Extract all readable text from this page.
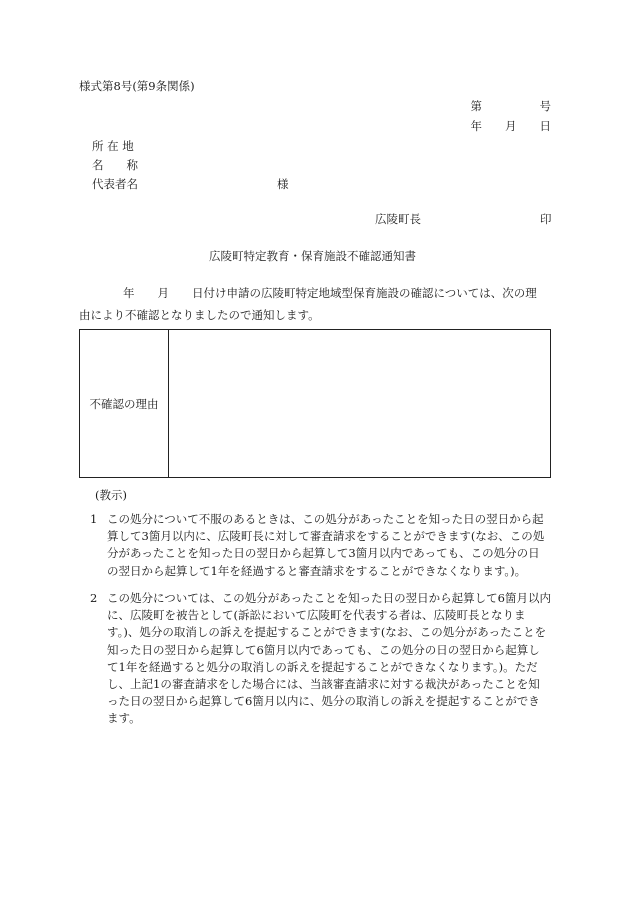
様式第8号(第9条関係)
第　　　　　号
年　　月　　日
所 在 地
名　　称
代表者名	様
広陵町長	印
広陵町特定教育・保育施設不確認通知書

年　　月　　日付け申請の広陵町特定地域型保育施設の確認については、次の理

由により不確認となりましたので通知します。

不確認の理由	
(教示)
1 この処分について不服のあるときは、この処分があったことを知った日の翌日から起算して3箇月以内に、広陵町長に対して審査請求をすることができます(なお、この処分があったことを知った日の翌日から起算して3箇月以内であっても、この処分の日の翌日から起算して1年を経過すると審査請求をすることができなくなります。)。
2 この処分については、この処分があったことを知った日の翌日から起算して6箇月以内に、広陵町を被告として(訴訟において広陵町を代表する者は、広陵町長となります。)、処分の取消しの訴えを提起することができます(なお、この処分があったことを知った日の翌日から起算して6箇月以内であっても、この処分の日の翌日から起算して1年を経過すると処分の取消しの訴えを提起することができなくなります。)。ただし、上記1の審査請求をした場合には、当該審査請求に対する裁決があったことを知った日の翌日から起算して6箇月以内に、処分の取消しの訴えを提起することができます。
